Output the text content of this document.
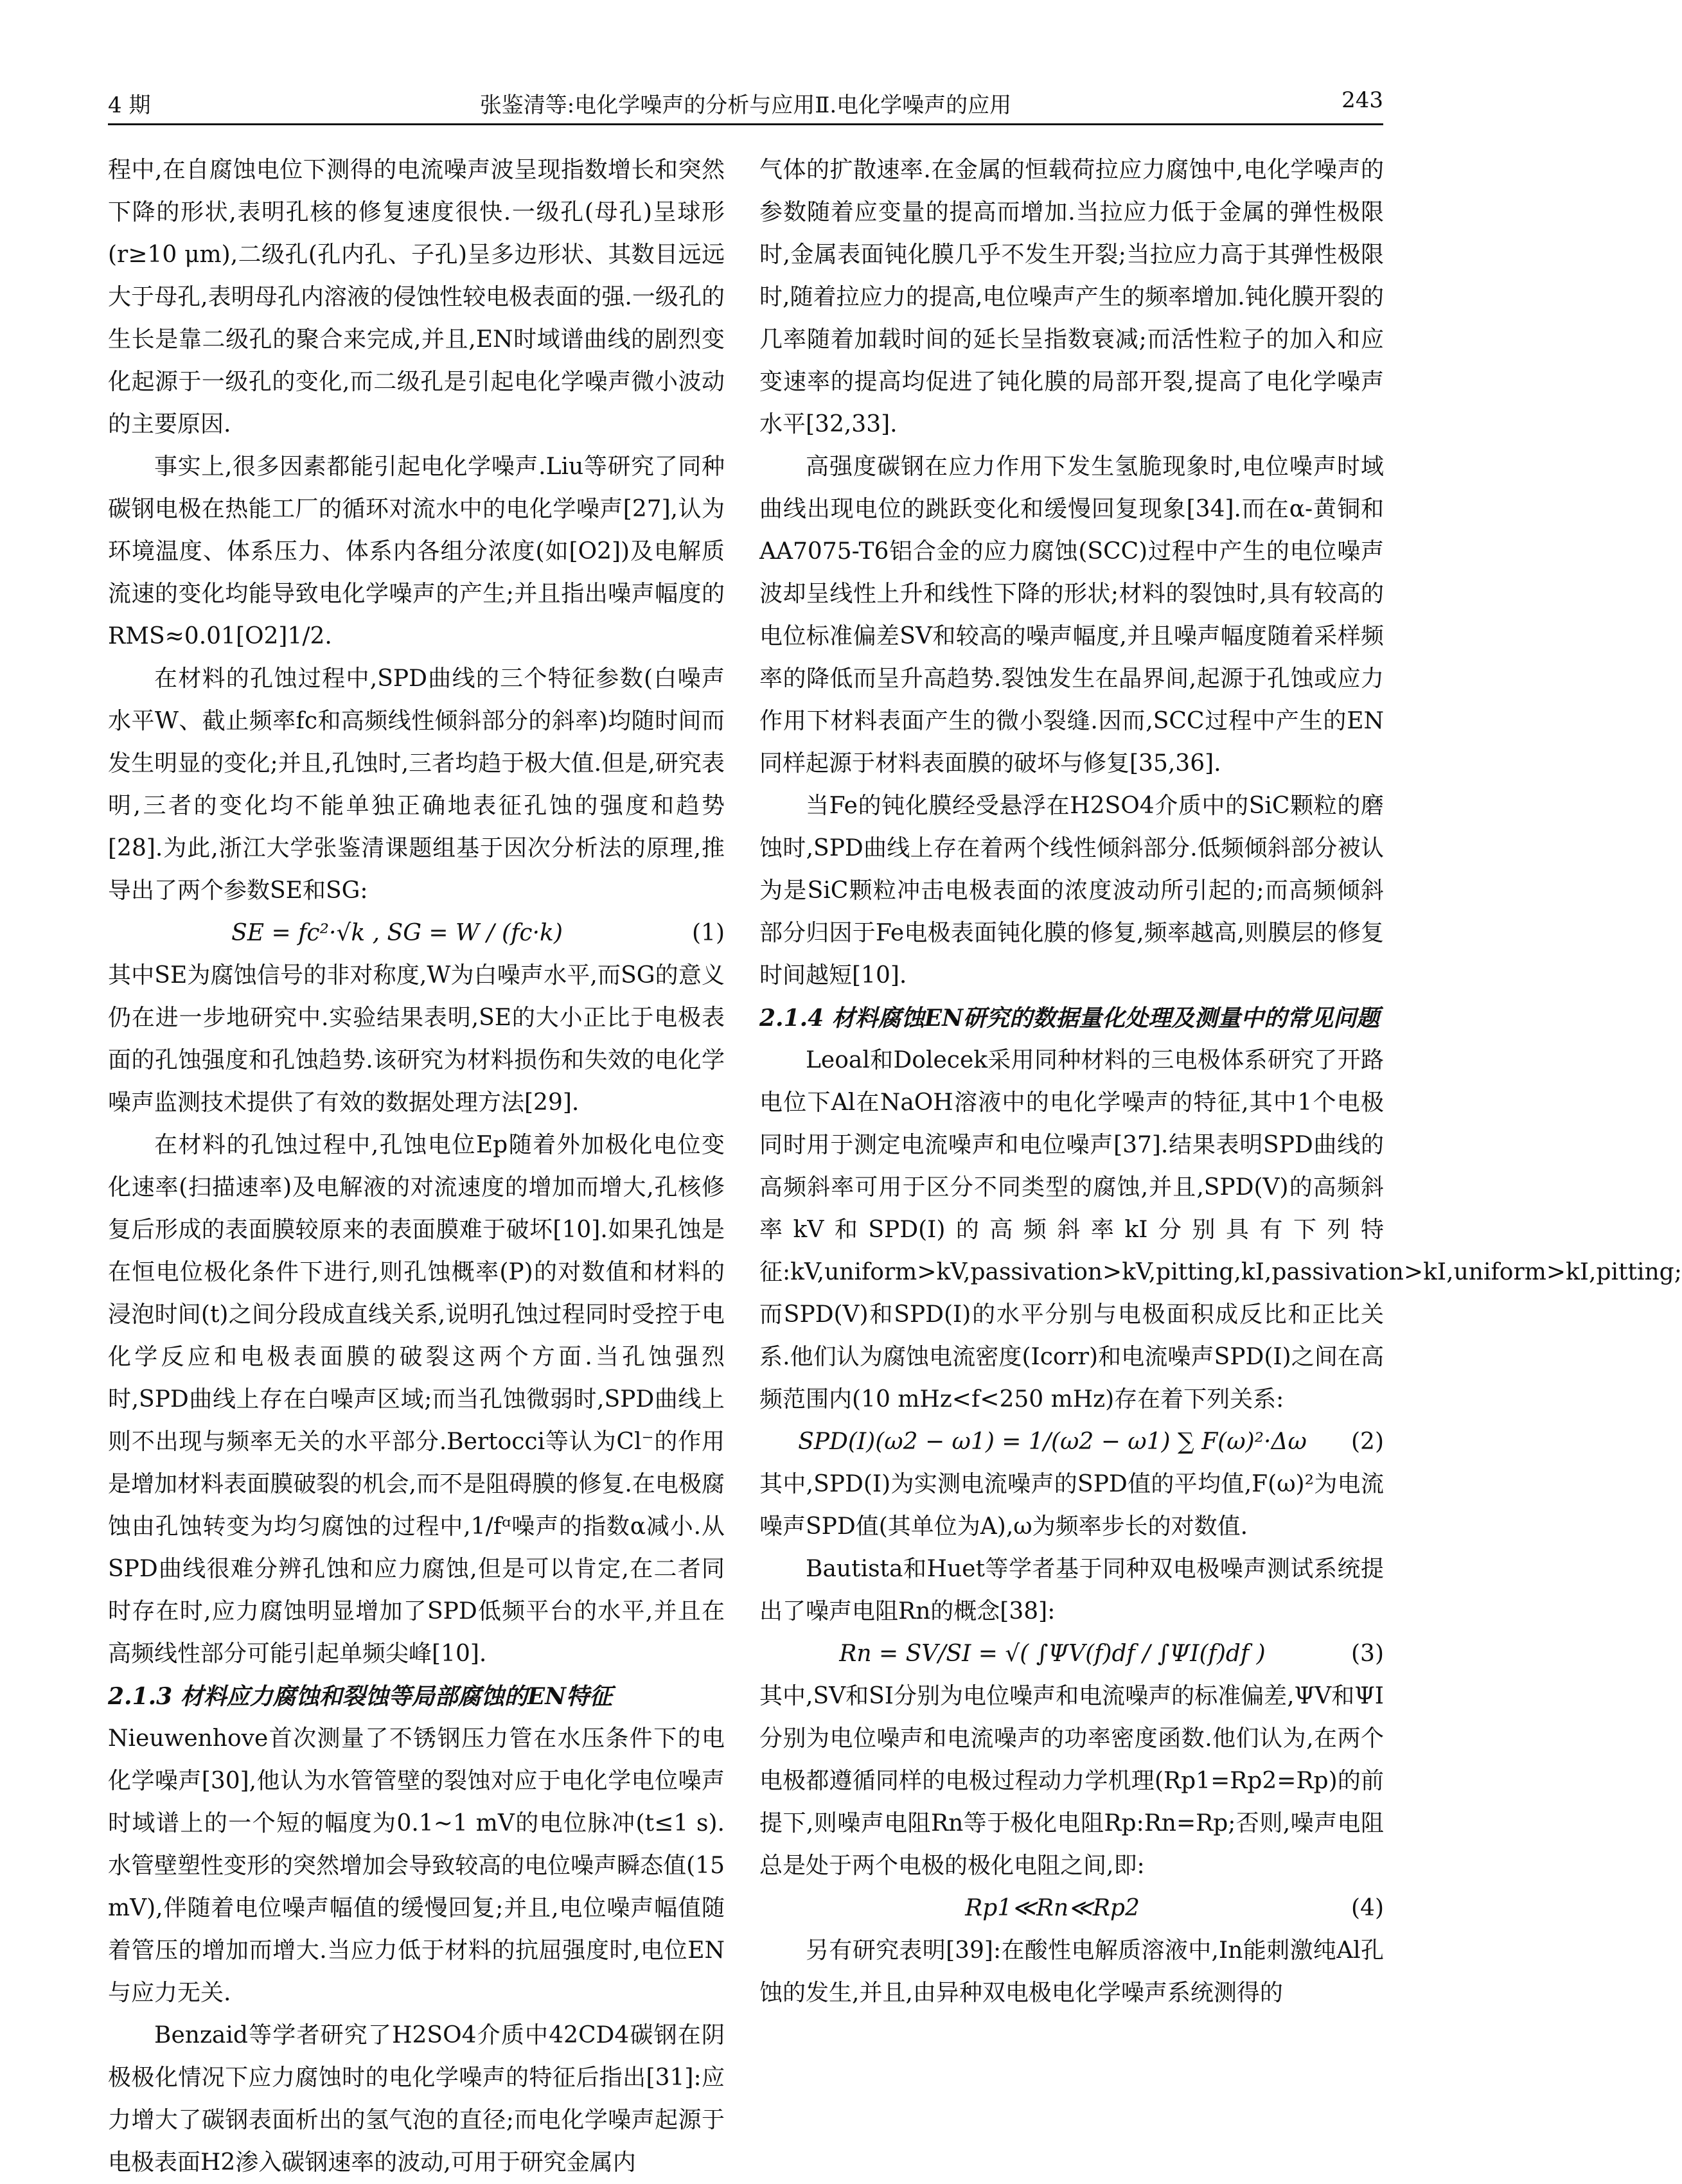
4 期	张鉴清等:电化学噪声的分析与应用Ⅱ.电化学噪声的应用	243

程中,在自腐蚀电位下测得的电流噪声波呈现指数增长和突然下降的形状,表明孔核的修复速度很快.一级孔(母孔)呈球形(r≥10 μm),二级孔(孔内孔、子孔)呈多边形状、其数目远远大于母孔,表明母孔内溶液的侵蚀性较电极表面的强.一级孔的生长是靠二级孔的聚合来完成,并且,EN时域谱曲线的剧烈变化起源于一级孔的变化,而二级孔是引起电化学噪声微小波动的主要原因.

事实上,很多因素都能引起电化学噪声.Liu等研究了同种碳钢电极在热能工厂的循环对流水中的电化学噪声[27],认为环境温度、体系压力、体系内各组分浓度(如[O2])及电解质流速的变化均能导致电化学噪声的产生;并且指出噪声幅度的RMS≈0.01[O2]1/2.

在材料的孔蚀过程中,SPD曲线的三个特征参数(白噪声水平W、截止频率fc和高频线性倾斜部分的斜率)均随时间而发生明显的变化;并且,孔蚀时,三者均趋于极大值.但是,研究表明,三者的变化均不能单独正确地表征孔蚀的强度和趋势[28].为此,浙江大学张鉴清课题组基于因次分析法的原理,推导出了两个参数SE和SG:

SE = fc²·√k , SG = W / (fc·k)	(1)

其中SE为腐蚀信号的非对称度,W为白噪声水平,而SG的意义仍在进一步地研究中.实验结果表明,SE的大小正比于电极表面的孔蚀强度和孔蚀趋势.该研究为材料损伤和失效的电化学噪声监测技术提供了有效的数据处理方法[29].

在材料的孔蚀过程中,孔蚀电位Ep随着外加极化电位变化速率(扫描速率)及电解液的对流速度的增加而增大,孔核修复后形成的表面膜较原来的表面膜难于破坏[10].如果孔蚀是在恒电位极化条件下进行,则孔蚀概率(P)的对数值和材料的浸泡时间(t)之间分段成直线关系,说明孔蚀过程同时受控于电化学反应和电极表面膜的破裂这两个方面.当孔蚀强烈时,SPD曲线上存在白噪声区域;而当孔蚀微弱时,SPD曲线上则不出现与频率无关的水平部分.Bertocci等认为Cl⁻的作用是增加材料表面膜破裂的机会,而不是阻碍膜的修复.在电极腐蚀由孔蚀转变为均匀腐蚀的过程中,1/fᵅ噪声的指数α减小.从SPD曲线很难分辨孔蚀和应力腐蚀,但是可以肯定,在二者同时存在时,应力腐蚀明显增加了SPD低频平台的水平,并且在高频线性部分可能引起单频尖峰[10].

2.1.3 材料应力腐蚀和裂蚀等局部腐蚀的EN特征

Nieuwenhove首次测量了不锈钢压力管在水压条件下的电化学噪声[30],他认为水管管壁的裂蚀对应于电化学电位噪声时域谱上的一个短的幅度为0.1~1 mV的电位脉冲(t≤1 s).水管壁塑性变形的突然增加会导致较高的电位噪声瞬态值(15 mV),伴随着电位噪声幅值的缓慢回复;并且,电位噪声幅值随着管压的增加而增大.当应力低于材料的抗屈强度时,电位EN与应力无关.

Benzaid等学者研究了H2SO4介质中42CD4碳钢在阴极极化情况下应力腐蚀时的电化学噪声的特征后指出[31]:应力增大了碳钢表面析出的氢气泡的直径;而电化学噪声起源于电极表面H2渗入碳钢速率的波动,可用于研究金属内

气体的扩散速率.在金属的恒载荷拉应力腐蚀中,电化学噪声的参数随着应变量的提高而增加.当拉应力低于金属的弹性极限时,金属表面钝化膜几乎不发生开裂;当拉应力高于其弹性极限时,随着拉应力的提高,电位噪声产生的频率增加.钝化膜开裂的几率随着加载时间的延长呈指数衰减;而活性粒子的加入和应变速率的提高均促进了钝化膜的局部开裂,提高了电化学噪声水平[32,33].

高强度碳钢在应力作用下发生氢脆现象时,电位噪声时域曲线出现电位的跳跃变化和缓慢回复现象[34].而在α-黄铜和AA7075-T6铝合金的应力腐蚀(SCC)过程中产生的电位噪声波却呈线性上升和线性下降的形状;材料的裂蚀时,具有较高的电位标准偏差SV和较高的噪声幅度,并且噪声幅度随着采样频率的降低而呈升高趋势.裂蚀发生在晶界间,起源于孔蚀或应力作用下材料表面产生的微小裂缝.因而,SCC过程中产生的EN同样起源于材料表面膜的破坏与修复[35,36].

当Fe的钝化膜经受悬浮在H2SO4介质中的SiC颗粒的磨蚀时,SPD曲线上存在着两个线性倾斜部分.低频倾斜部分被认为是SiC颗粒冲击电极表面的浓度波动所引起的;而高频倾斜部分归因于Fe电极表面钝化膜的修复,频率越高,则膜层的修复时间越短[10].

2.1.4 材料腐蚀EN研究的数据量化处理及测量中的常见问题

Leoal和Dolecek采用同种材料的三电极体系研究了开路电位下Al在NaOH溶液中的电化学噪声的特征,其中1个电极同时用于测定电流噪声和电位噪声[37].结果表明SPD曲线的高频斜率可用于区分不同类型的腐蚀,并且,SPD(V)的高频斜率kV和SPD(I)的高频斜率kI分别具有下列特征:kV,uniform>kV,passivation>kV,pitting,kI,passivation>kI,uniform>kI,pitting;而SPD(V)和SPD(I)的水平分别与电极面积成反比和正比关系.他们认为腐蚀电流密度(Icorr)和电流噪声SPD(I)之间在高频范围内(10 mHz<f<250 mHz)存在着下列关系:

SPD(I)(ω2 − ω1) = 1/(ω2 − ω1) ∑ F(ω)²·Δω	(2)

其中,SPD(I)为实测电流噪声的SPD值的平均值,F(ω)²为电流噪声SPD值(其单位为A),ω为频率步长的对数值.

Bautista和Huet等学者基于同种双电极噪声测试系统提出了噪声电阻Rn的概念[38]:

Rn = SV/SI = √( ∫ΨV(f)df / ∫ΨI(f)df )	(3)

其中,SV和SI分别为电位噪声和电流噪声的标准偏差,ΨV和ΨI分别为电位噪声和电流噪声的功率密度函数.他们认为,在两个电极都遵循同样的电极过程动力学机理(Rp1=Rp2=Rp)的前提下,则噪声电阻Rn等于极化电阻Rp:Rn=Rp;否则,噪声电阻总是处于两个电极的极化电阻之间,即:

Rp1≪Rn≪Rp2	(4)

另有研究表明[39]:在酸性电解质溶液中,In能刺激纯Al孔蚀的发生,并且,由异种双电极电化学噪声系统测得的
